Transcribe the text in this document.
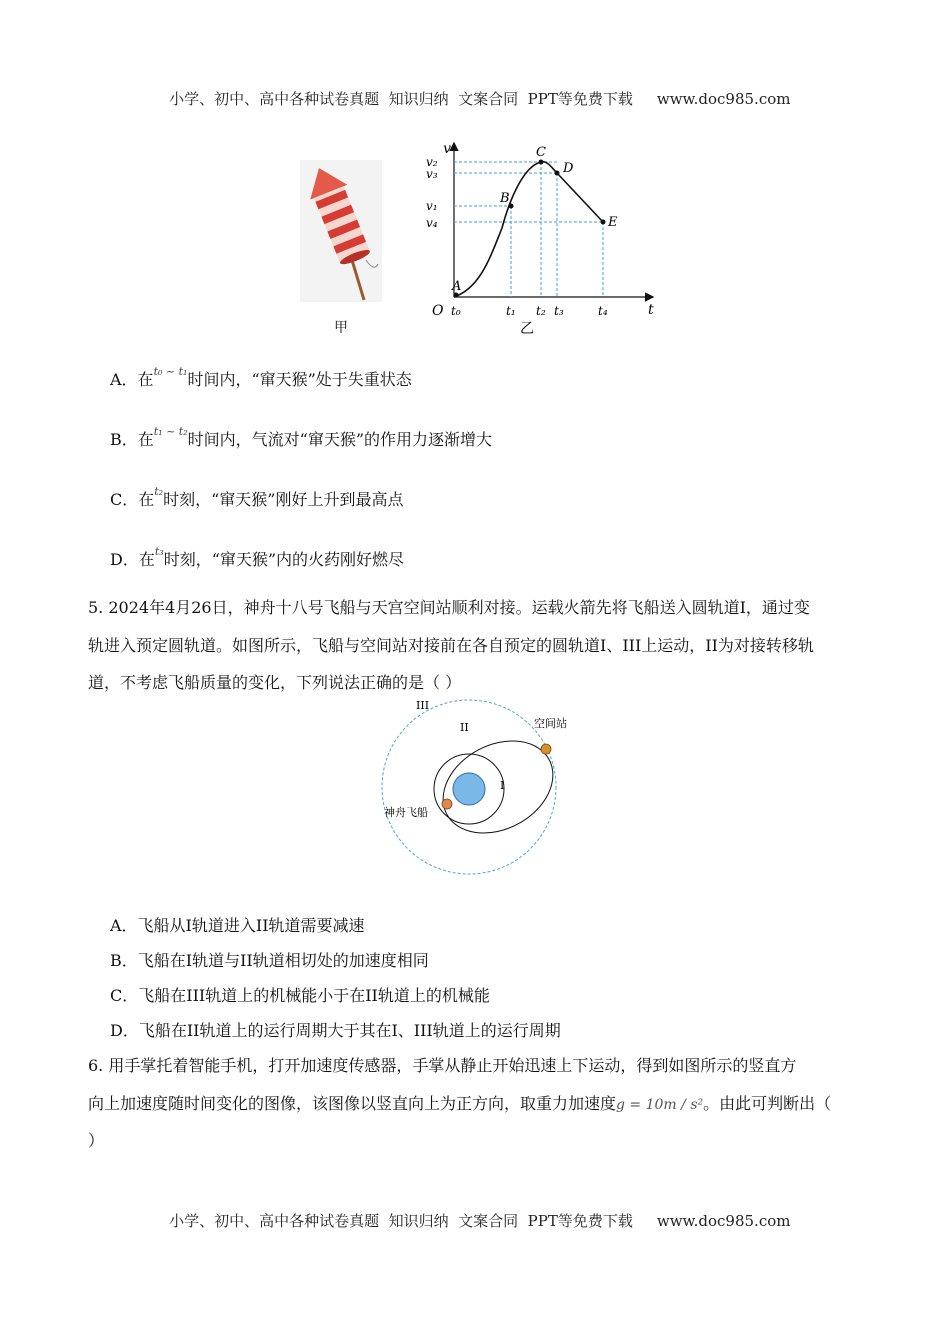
小学、初中、高中各种试卷真题  知识归纳  文案合同  PPT等免费下载 www.doc985.com

甲
v
t
O
v₂
v₃
v₁
v₄
t₀	t₁ t₂ t₃	t₄
A
B
C
D
E
乙
A．在$^{t_0 \sim t_1}$时间内，“窜天猴”处于失重状态
B．在$^{t_1 \sim t_2}$时间内，气流对“窜天猴”的作用力逐渐增大
C．在$^{t_2}$时刻，“窜天猴”刚好上升到最高点
D．在$^{t_3}$时刻，“窜天猴”内的火药刚好燃尽
5. 2024年4月26日，神舟十八号飞船与天宫空间站顺利对接。运载火箭先将飞船送入圆轨道I，通过变
轨进入预定圆轨道。如图所示，飞船与空间站对接前在各自预定的圆轨道I、III上运动，II为对接转移轨
道，不考虑飞船质量的变化，下列说法正确的是（ ）
III
II
I
空间站
神舟飞船
A．飞船从I轨道进入II轨道需要减速
B．飞船在I轨道与II轨道相切处的加速度相同
C．飞船在III轨道上的机械能小于在II轨道上的机械能
D．飞船在II轨道上的运行周期大于其在I、III轨道上的运行周期
6. 用手掌托着智能手机，打开加速度传感器，手掌从静止开始迅速上下运动，得到如图所示的竖直方
向上加速度随时间变化的图像，该图像以竖直向上为正方向，取重力加速度g = 10m / s²。由此可判断出（
）

小学、初中、高中各种试卷真题  知识归纳  文案合同  PPT等免费下载 www.doc985.com
